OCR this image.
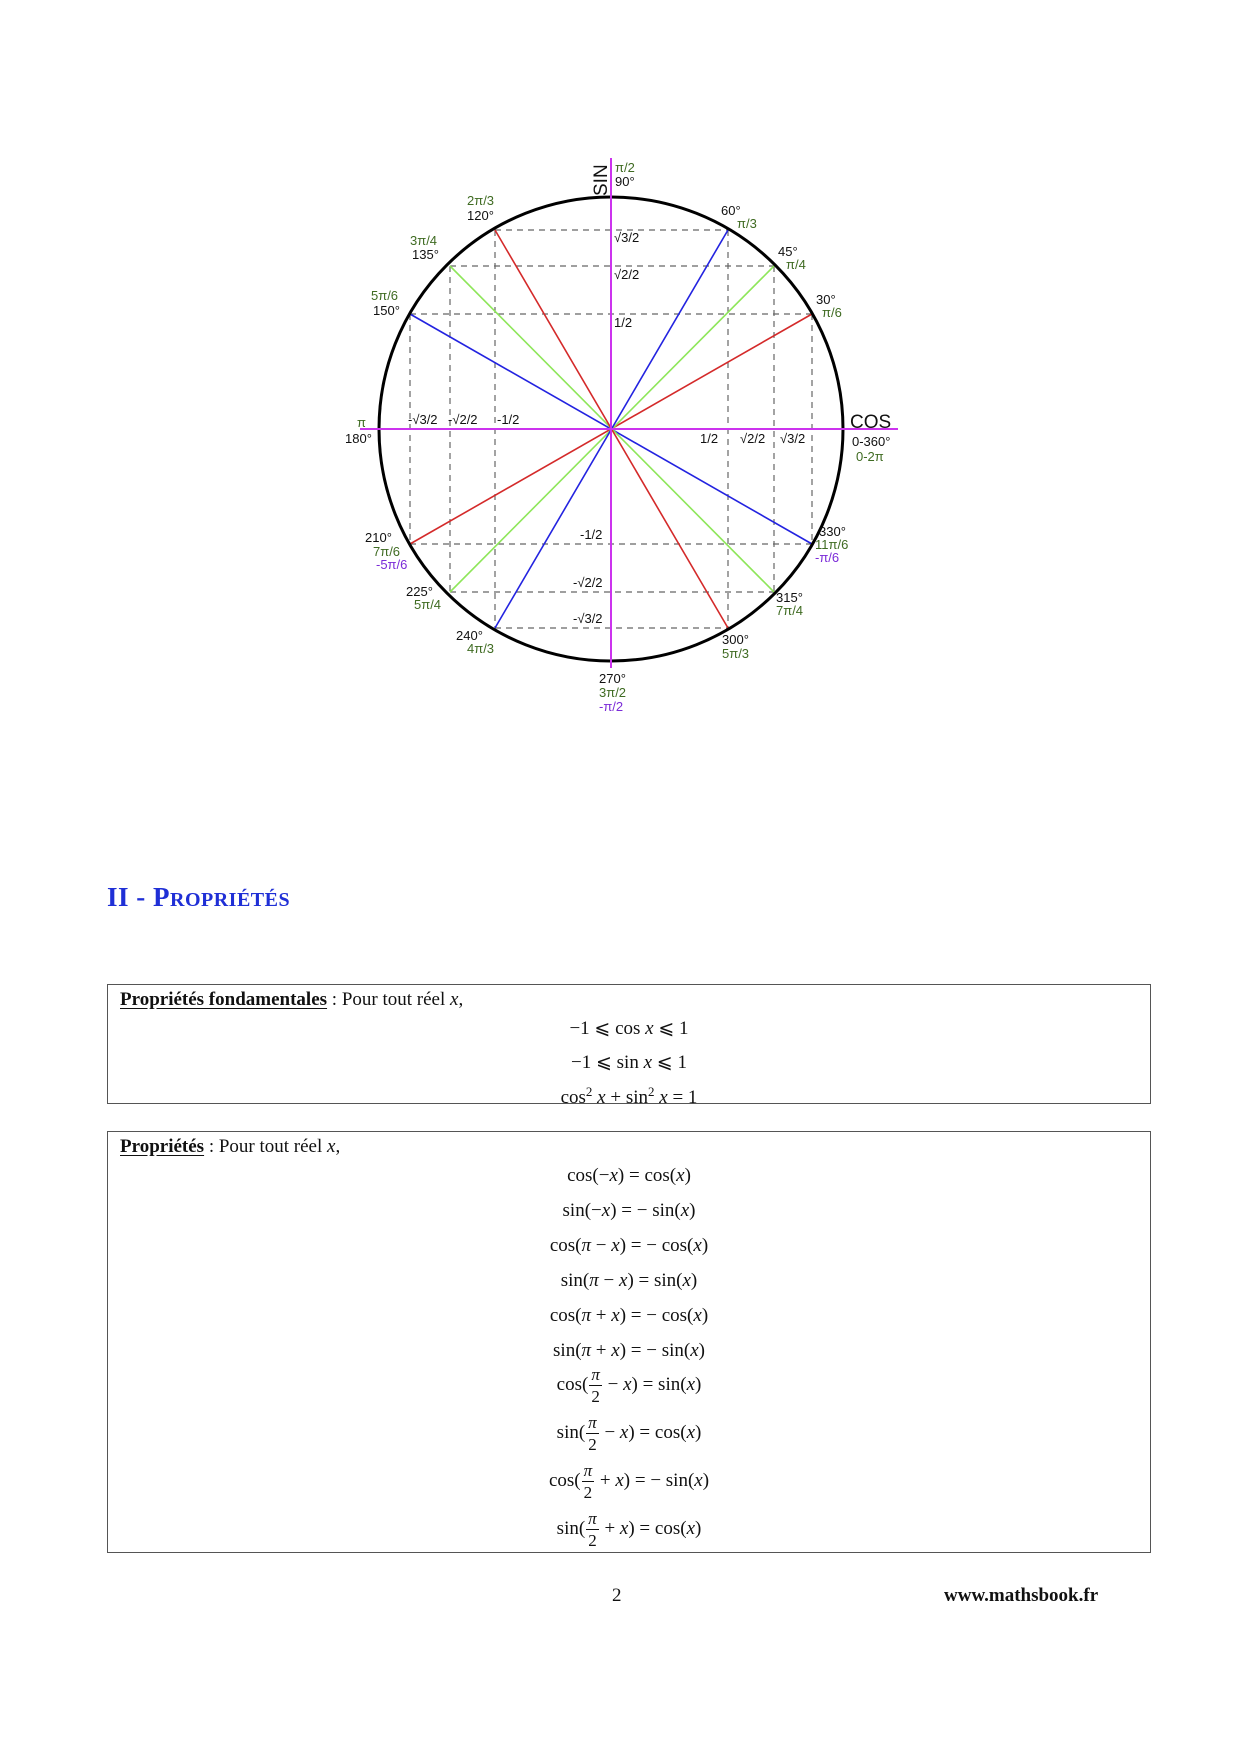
SIN
COS
π/2
90°
0-360°
0-2π
π
180°
270°
3π/2
-π/2
30°
π/6
45°
π/4
60°
π/3
2π/3
120°
3π/4
135°
5π/6
150°
210°
7π/6
-5π/6
225°
5π/4
240°
4π/3
300°
5π/3
315°
7π/4
330°
11π/6
-π/6
√3/2
√2/2
1/2
-1/2
-√2/2
-√3/2
1/2 √2/2 √3/2
-√3/2 -√2/2 -1/2
II - PROPRIÉTÉS
Propriétés fondamentales : Pour tout réel x,
−1 ⩽ cos x ⩽ 1
−1 ⩽ sin x ⩽ 1
$\cos^2 x + \sin^2 x = 1$
Propriétés : Pour tout réel x,
cos(−x) = cos(x)
sin(−x) = − sin(x)
cos(π − x) = − cos(x)
sin(π − x) = sin(x)
cos(π + x) = − cos(x)
sin(π + x) = − sin(x)
$\cos( \frac{\pi}{2} - x) = \sin(x)$
$\sin( \frac{\pi}{2} - x) = \cos(x)$
$\cos( \frac{\pi}{2} + x)$ = − sin(x)
$\sin( \frac{\pi}{2} + x) = \cos(x)$
2	www.mathsbook.fr
